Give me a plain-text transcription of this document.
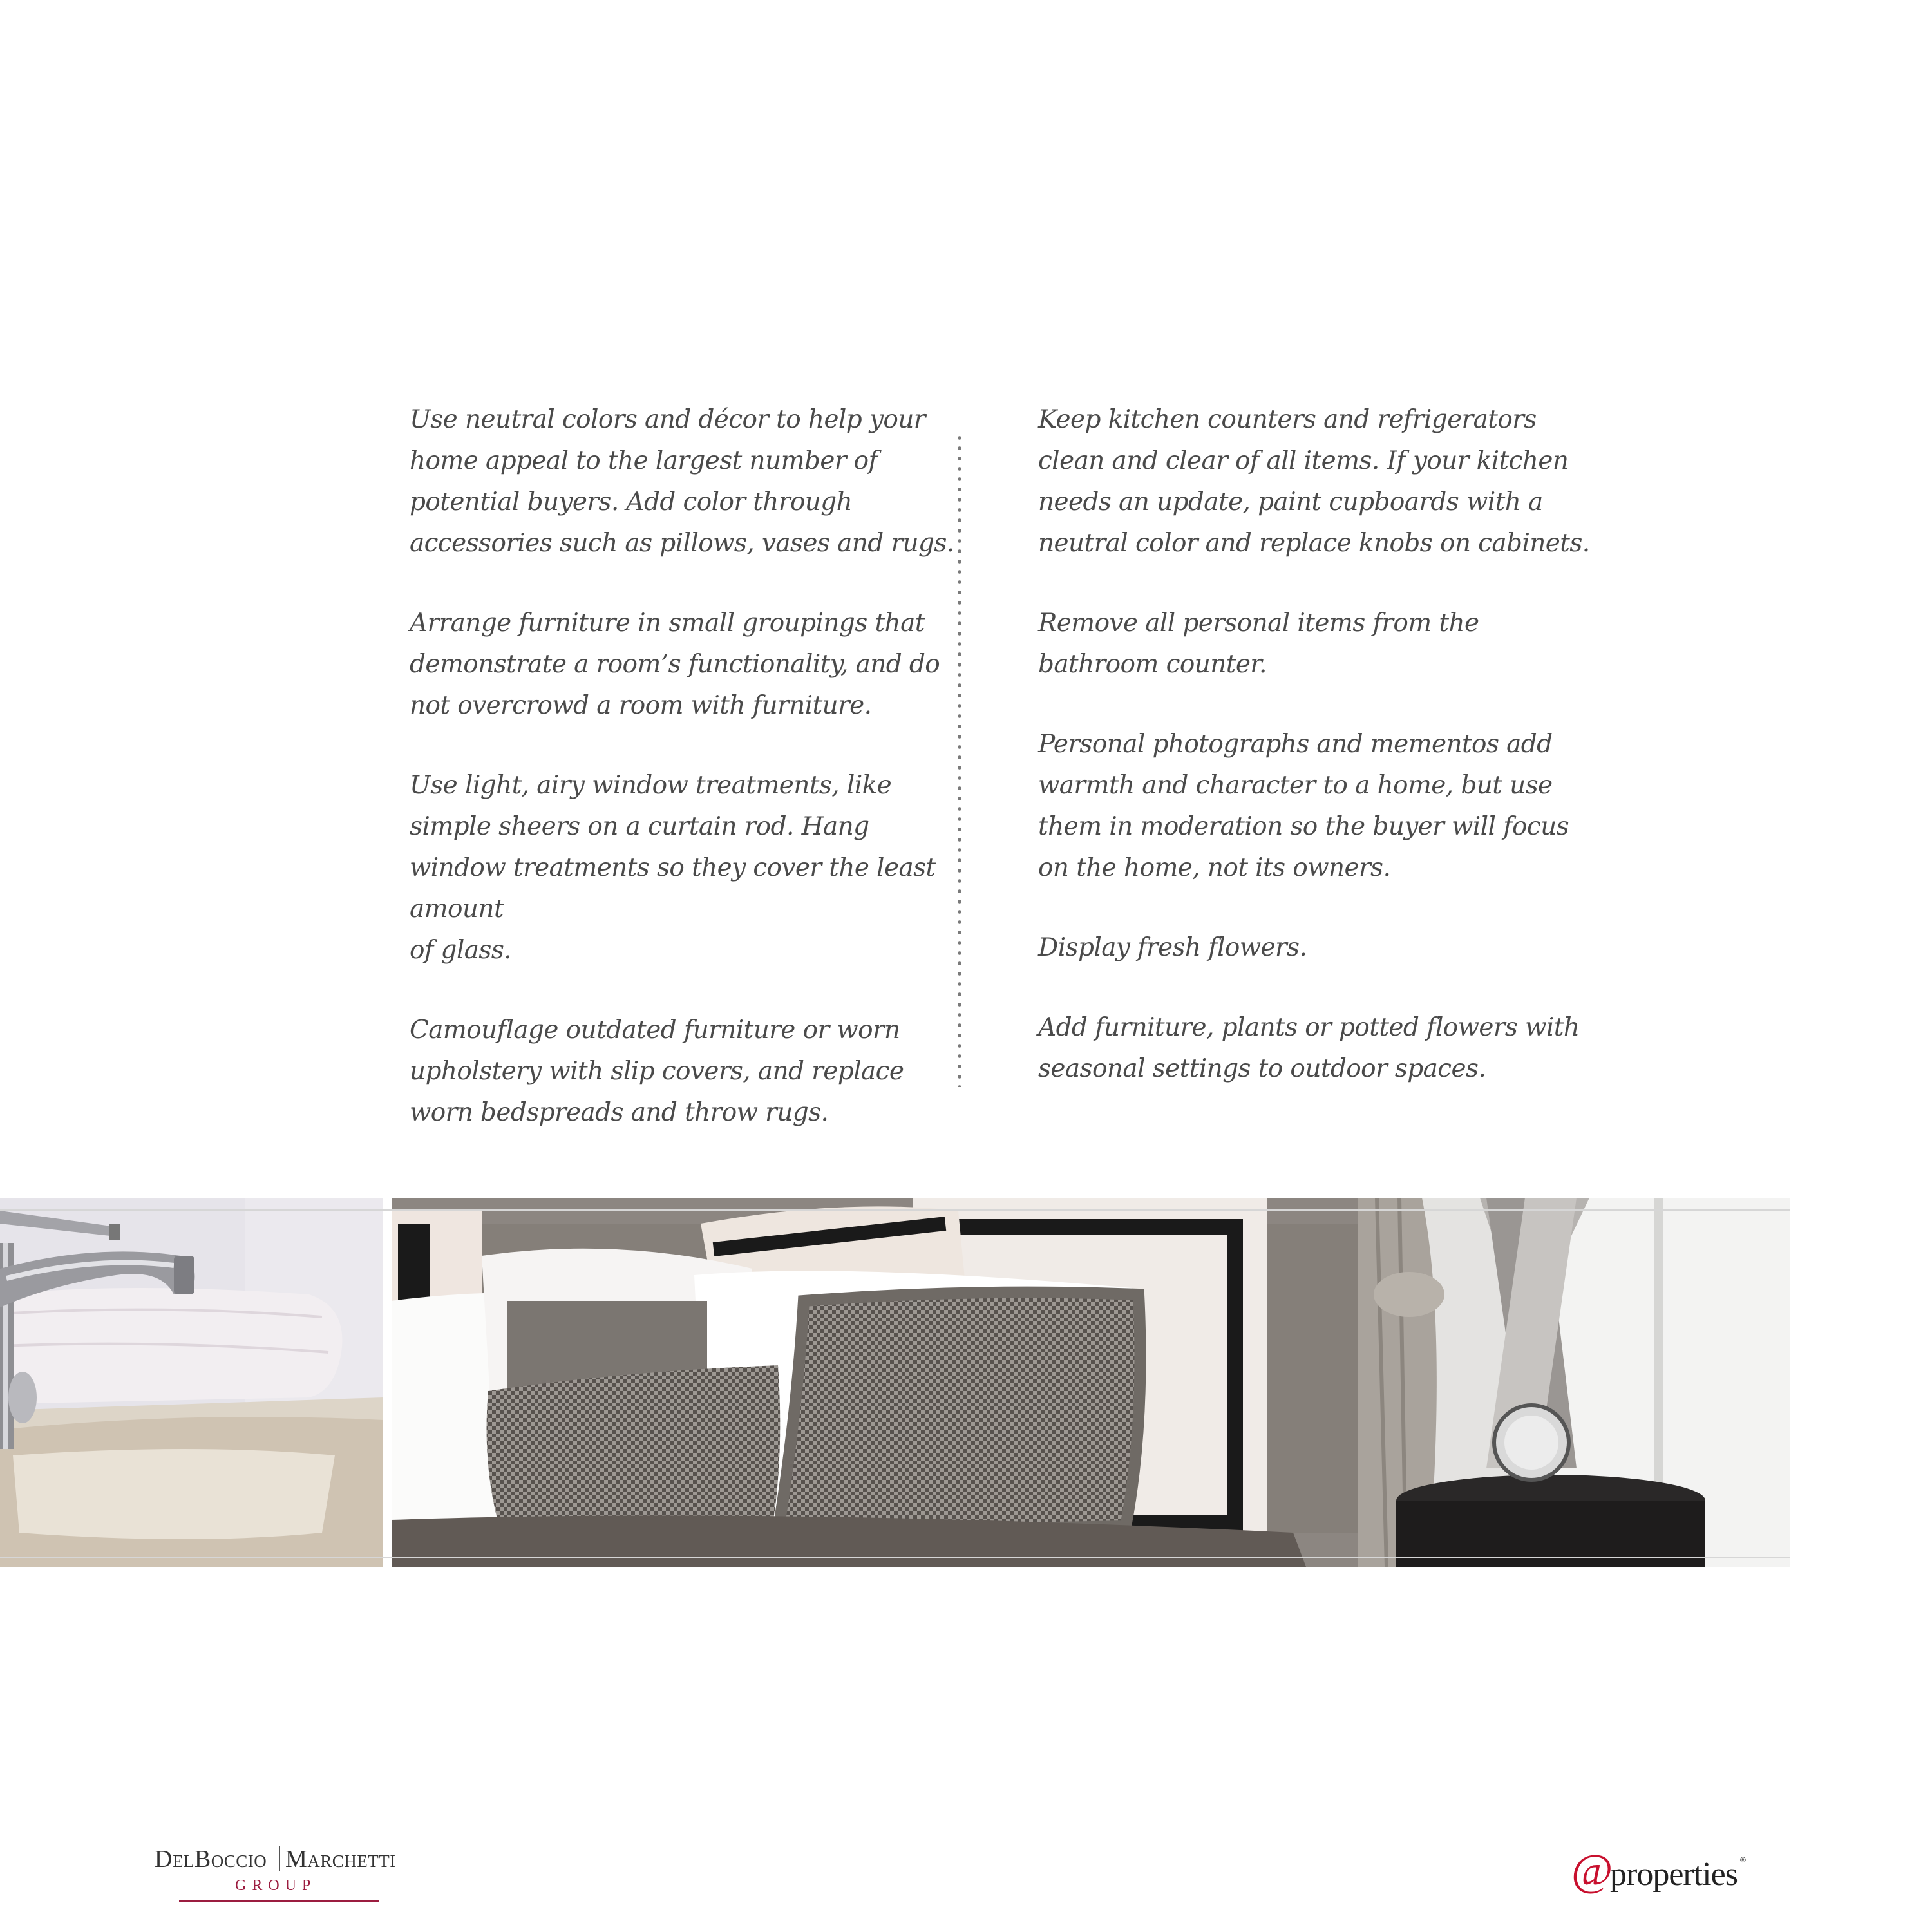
Use neutral colors and décor to help your
home appeal to the largest number of
potential buyers. Add color through
accessories such as pillows, vases and rugs.

Arrange furniture in small groupings that
demonstrate a room’s functionality, and do
not overcrowd a room with furniture.

Use light, airy window treatments, like
simple sheers on a curtain rod. Hang
window treatments so they cover the least
amount
of glass.

Camouflage outdated furniture or worn
upholstery with slip covers, and replace
worn bedspreads and throw rugs.

Keep kitchen counters and refrigerators
clean and clear of all items. If your kitchen
needs an update, paint cupboards with a
neutral color and replace knobs on cabinets.

Remove all personal items from the
bathroom counter.

Personal photographs and mementos add
warmth and character to a home, but use
them in moderation so the buyer will focus
on the home, not its owners.

Display fresh flowers.

Add furniture, plants or potted flowers with
seasonal settings to outdoor spaces.

DelBoccio Marchetti
GROUP	@
properties ®
